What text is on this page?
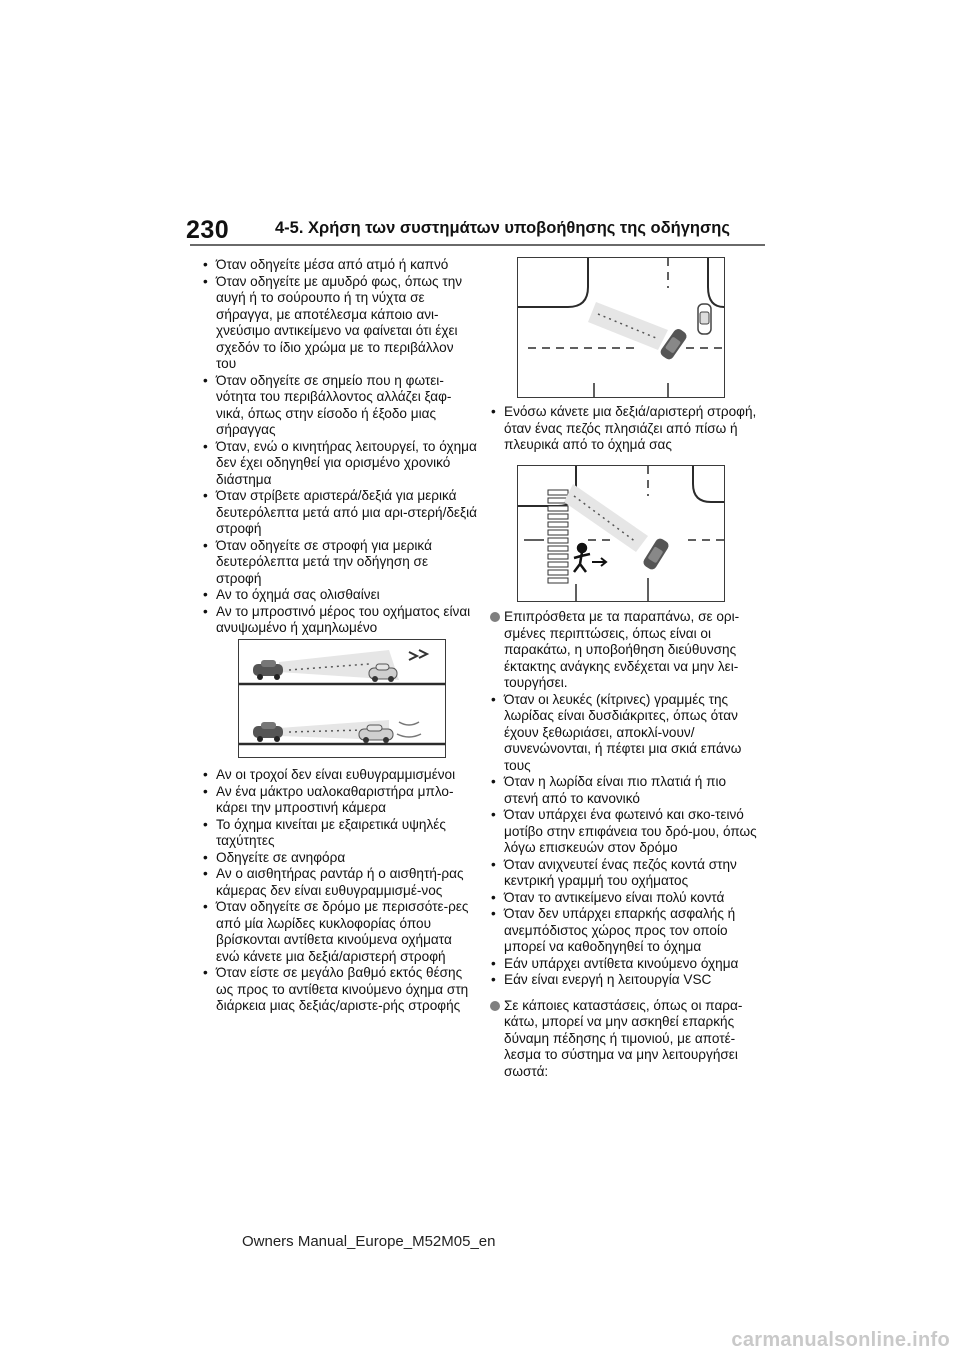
230	4-5. Χρήση των συστημάτων υποβοήθησης της οδήγησης
• Όταν οδηγείτε μέσα από ατμό ή καπνό
• Όταν οδηγείτε με αμυδρό φως, όπως την αυγή ή το σούρουπο ή τη νύχτα σε σήραγγα, με αποτέλεσμα κάποιο ανι-χνεύσιμο αντικείμενο να φαίνεται ότι έχει σχεδόν το ίδιο χρώμα με το περιβάλλον του
• Όταν οδηγείτε σε σημείο που η φωτει-νότητα του περιβάλλοντος αλλάζει ξαφ-νικά, όπως στην είσοδο ή έξοδο μιας σήραγγας
• Όταν, ενώ ο κινητήρας λειτουργεί, το όχημα δεν έχει οδηγηθεί για ορισμένο χρονικό διάστημα
• Όταν στρίβετε αριστερά/δεξιά για μερικά δευτερόλεπτα μετά από μια αρι-στερή/δεξιά στροφή
• Όταν οδηγείτε σε στροφή για μερικά δευτερόλεπτα μετά την οδήγηση σε στροφή
• Αν το όχημά σας ολισθαίνει
• Αν το μπροστινό μέρος του οχήματος είναι ανυψωμένο ή χαμηλωμένο
• Αν οι τροχοί δεν είναι ευθυγραμμισμένοι
• Αν ένα μάκτρο υαλοκαθαριστήρα μπλο-κάρει την μπροστινή κάμερα
• Το όχημα κινείται με εξαιρετικά υψηλές ταχύτητες
• Οδηγείτε σε ανηφόρα
• Αν ο αισθητήρας ραντάρ ή ο αισθητή-ρας κάμερας δεν είναι ευθυγραμμισμέ-νος
• Όταν οδηγείτε σε δρόμο με περισσότε-ρες από μία λωρίδες κυκλοφορίας όπου βρίσκονται αντίθετα κινούμενα οχήματα ενώ κάνετε μια δεξιά/αριστερή στροφή
• Όταν είστε σε μεγάλο βαθμό εκτός θέσης ως προς το αντίθετα κινούμενο όχημα στη διάρκεια μιας δεξιάς/αριστε-ρής στροφής
• Ενόσω κάνετε μια δεξιά/αριστερή στροφή, όταν ένας πεζός πλησιάζει από πίσω ή πλευρικά από το όχημά σας

Επιπρόσθετα με τα παραπάνω, σε ορι-σμένες περιπτώσεις, όπως είναι οι παρακάτω, η υποβοήθηση διεύθυνσης έκτακτης ανάγκης ενδέχεται να μην λει-τουργήσει.

• Όταν οι λευκές (κίτρινες) γραμμές της λωρίδας είναι δυσδιάκριτες, όπως όταν έχουν ξεθωριάσει, αποκλί-νουν/συνενώνονται, ή πέφτει μια σκιά επάνω τους
• Όταν η λωρίδα είναι πιο πλατιά ή πιο στενή από το κανονικό
• Όταν υπάρχει ένα φωτεινό και σκο-τεινό μοτίβο στην επιφάνεια του δρό-μου, όπως λόγω επισκευών στον δρόμο
• Όταν ανιχνευτεί ένας πεζός κοντά στην κεντρική γραμμή του οχήματος
• Όταν το αντικείμενο είναι πολύ κοντά
• Όταν δεν υπάρχει επαρκής ασφαλής ή ανεμπόδιστος χώρος προς τον οποίο μπορεί να καθοδηγηθεί το όχημα
• Εάν υπάρχει αντίθετα κινούμενο όχημα
• Εάν είναι ενεργή η λειτουργία VSC

Σε κάποιες καταστάσεις, όπως οι παρα-κάτω, μπορεί να μην ασκηθεί επαρκής δύναμη πέδησης ή τιμονιού, με αποτέ-λεσμα το σύστημα να μην λειτουργήσει σωστά:

Owners Manual_Europe_M52M05_en
carmanualsonline.info
